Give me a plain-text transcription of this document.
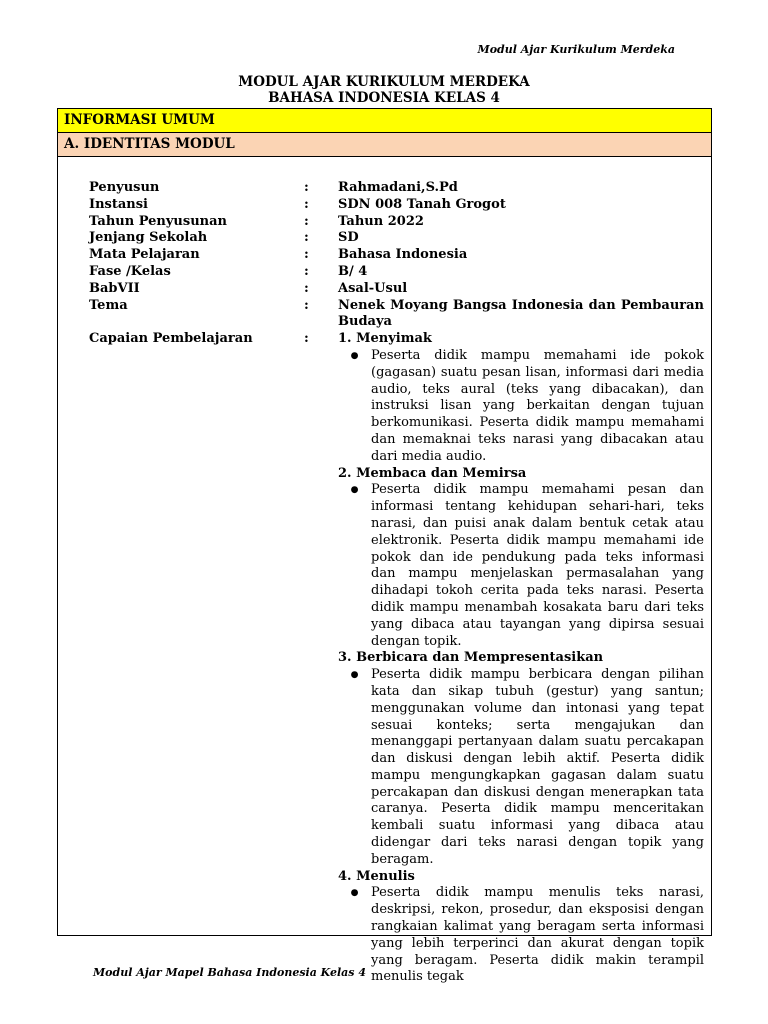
Modul Ajar Kurikulum Merdeka
MODUL AJAR KURIKULUM MERDEKA
BAHASA INDONESIA KELAS 4
INFORMASI UMUM
A. IDENTITAS MODUL
Penyusun	:	Rahmadani,S.Pd
Instansi	:	SDN 008 Tanah Grogot
Tahun Penyusunan	:	Tahun 2022
Jenjang Sekolah	:	SD
Mata Pelajaran	:	Bahasa Indonesia
Fase /Kelas	:	B/ 4
BabVII	:	Asal-Usul
Tema	:	Nenek Moyang Bangsa Indonesia dan Pembauran Budaya
Capaian Pembelajaran	:	1. Menyimak
● Peserta didik mampu memahami ide pokok (gagasan) suatu pesan lisan, informasi dari media audio, teks aural (teks yang dibacakan), dan instruksi lisan yang berkaitan dengan tujuan berkomunikasi. Peserta didik mampu memahami dan memaknai teks narasi yang dibacakan atau dari media audio.
2. Membaca dan Memirsa
● Peserta didik mampu memahami pesan dan informasi tentang kehidupan sehari-hari, teks narasi, dan puisi anak dalam bentuk cetak atau elektronik. Peserta didik mampu memahami ide pokok dan ide pendukung pada teks informasi dan mampu menjelaskan permasalahan yang dihadapi tokoh cerita pada teks narasi. Peserta didik mampu menambah kosakata baru dari teks yang dibaca atau tayangan yang dipirsa sesuai dengan topik.
3. Berbicara dan Mempresentasikan
● Peserta didik mampu berbicara dengan pilihan kata dan sikap tubuh (gestur) yang santun; menggunakan volume dan intonasi yang tepat sesuai konteks; serta mengajukan dan menanggapi pertanyaan dalam suatu percakapan dan diskusi dengan lebih aktif. Peserta didik mampu mengungkapkan gagasan dalam suatu percakapan dan diskusi dengan menerapkan tata caranya. Peserta didik mampu menceritakan kembali suatu informasi yang dibaca atau didengar dari teks narasi dengan topik yang beragam.
4. Menulis
● Peserta didik mampu menulis teks narasi, deskripsi, rekon, prosedur, dan eksposisi dengan rangkaian kalimat yang beragam serta informasi yang lebih terperinci dan akurat dengan topik yang beragam. Peserta didik makin terampil menulis tegak
Modul Ajar Mapel Bahasa Indonesia Kelas 4
